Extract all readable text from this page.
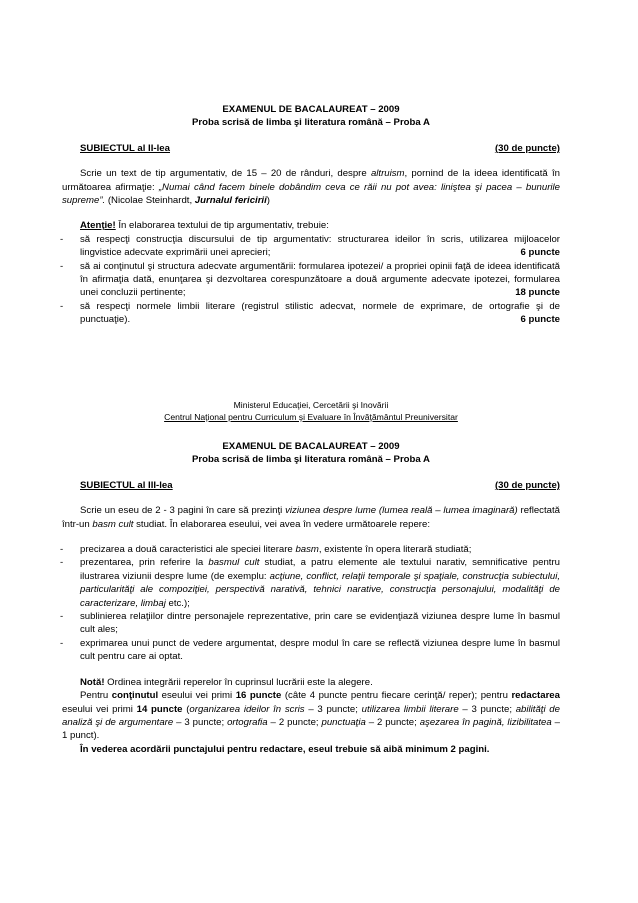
EXAMENUL DE BACALAUREAT – 2009
Proba scrisă de limba şi literatura română – Proba A
SUBIECTUL al II-lea	(30 de puncte)

Scrie un text de tip argumentativ, de 15 – 20 de rânduri, despre altruism, pornind de la ideea identificată în următoarea afirmaţie: „Numai când facem binele dobândim ceva ce răii nu pot avea: liniştea şi pacea – bunurile supreme”. (Nicolae Steinhardt, Jurnalul fericirii)

Atenţie! În elaborarea textului de tip argumentativ, trebuie:

- să respecţi construcţia discursului de tip argumentativ: structurarea ideilor în scris, utilizarea mijloacelor lingvistice adecvate exprimării unei aprecieri;	6 puncte
- să ai conţinutul şi structura adecvate argumentării: formularea ipotezei/ a propriei opinii faţă de ideea identificată în afirmaţia dată, enunţarea şi dezvoltarea corespunzătoare a două argumente adecvate ipotezei, formularea unei concluzii pertinente;	18 puncte
- să respecţi normele limbii literare (registrul stilistic adecvat, normele de exprimare, de ortografie şi de punctuaţie).	6 puncte
Ministerul Educaţiei, Cercetării şi Inovării
Centrul Naţional pentru Curriculum şi Evaluare în Învăţământul Preuniversitar
EXAMENUL DE BACALAUREAT – 2009
Proba scrisă de limba şi literatura română – Proba A
SUBIECTUL al III-lea	(30 de puncte)

Scrie un eseu de 2 - 3 pagini în care să prezinţi viziunea despre lume (lumea reală – lumea imaginară) reflectată într-un basm cult studiat. În elaborarea eseului, vei avea în vedere următoarele repere:

- precizarea a două caracteristici ale speciei literare basm, existente în opera literară studiată;
- prezentarea, prin referire la basmul cult studiat, a patru elemente ale textului narativ, semnificative pentru ilustrarea viziunii despre lume (de exemplu: acţiune, conflict, relaţii temporale şi spaţiale, construcţia subiectului, particularităţi ale compoziţiei, perspectivă narativă, tehnici narative, construcţia personajului, modalităţi de caracterizare, limbaj etc.);
- sublinierea relaţiilor dintre personajele reprezentative, prin care se evidenţiază viziunea despre lume în basmul cult ales;
- exprimarea unui punct de vedere argumentat, despre modul în care se reflectă viziunea despre lume în basmul cult pentru care ai optat.

Notă! Ordinea integrării reperelor în cuprinsul lucrării este la alegere.

Pentru conţinutul eseului vei primi 16 puncte (câte 4 puncte pentru fiecare cerinţă/ reper); pentru redactarea eseului vei primi 14 puncte (organizarea ideilor în scris – 3 puncte; utilizarea limbii literare – 3 puncte; abilităţi de analiză şi de argumentare – 3 puncte; ortografia – 2 puncte; punctuaţia – 2 puncte; aşezarea în pagină, lizibilitatea – 1 punct).

În vederea acordării punctajului pentru redactare, eseul trebuie să aibă minimum 2 pagini.
